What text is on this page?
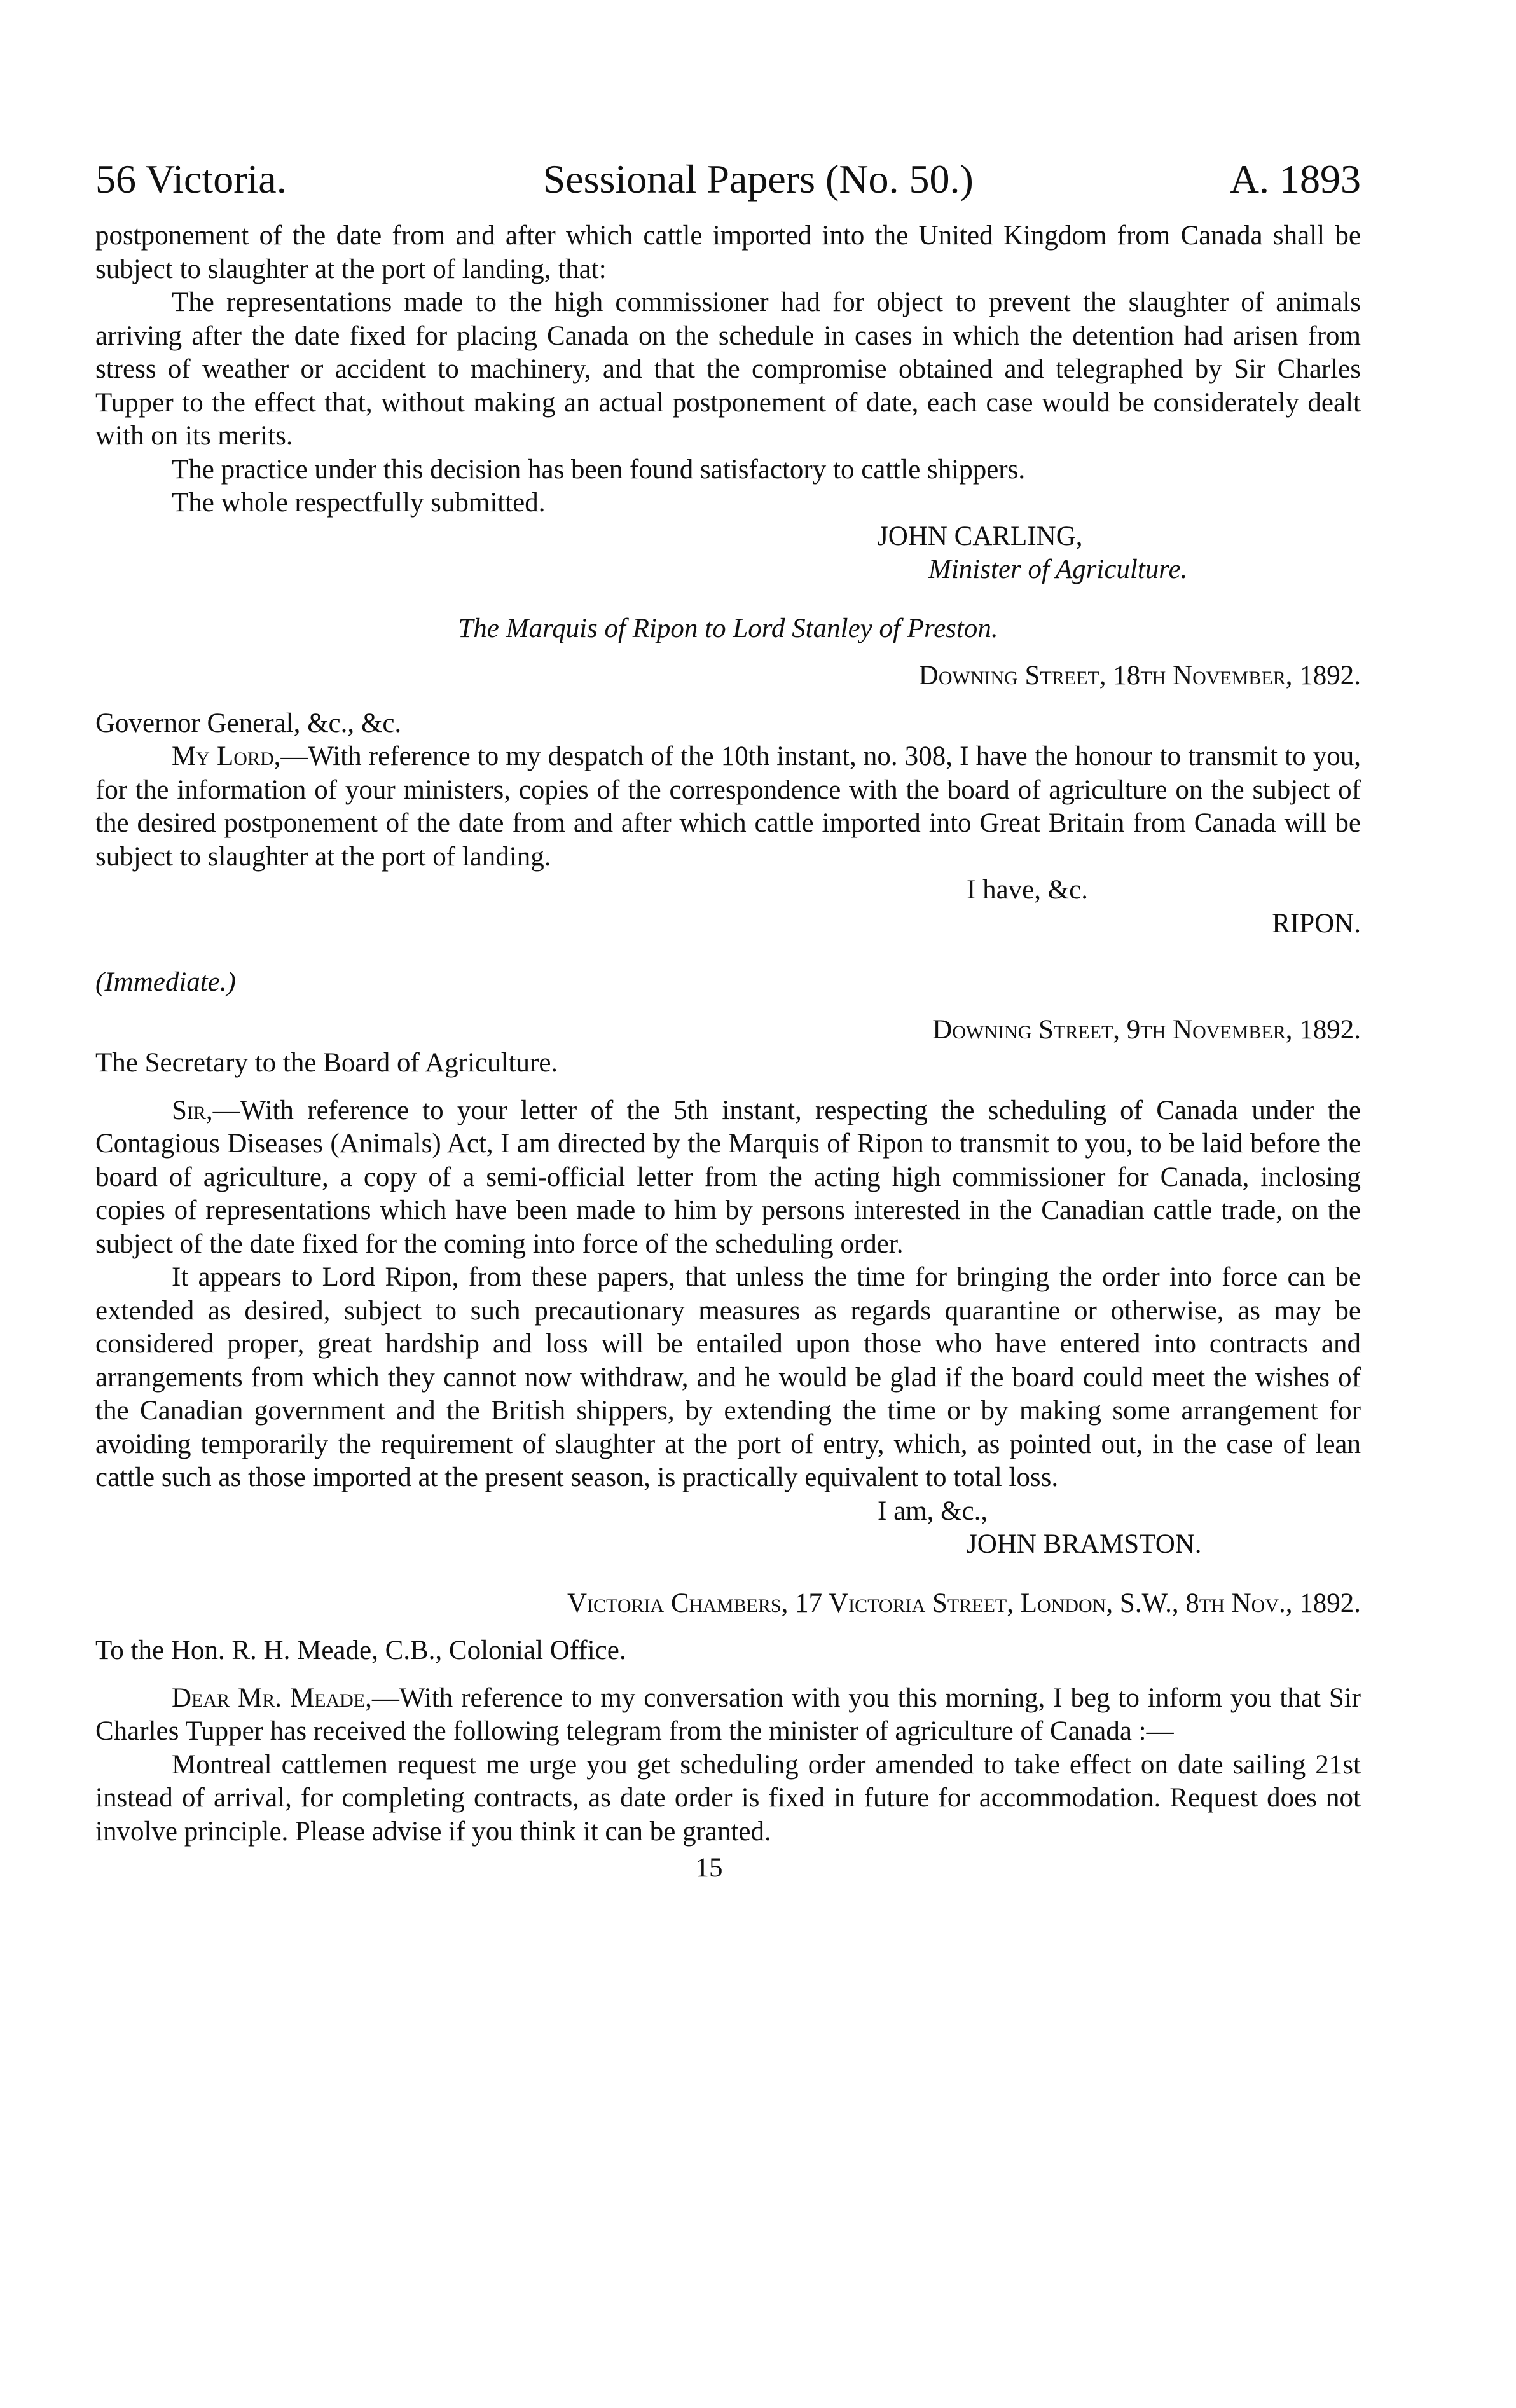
56 Victoria.	Sessional Papers (No. 50.)	A. 1893

postponement of the date from and after which cattle imported into the United Kingdom from Canada shall be subject to slaughter at the port of landing, that:

The representations made to the high commissioner had for object to prevent the slaughter of animals arriving after the date fixed for placing Canada on the schedule in cases in which the detention had arisen from stress of weather or accident to machinery, and that the compromise obtained and telegraphed by Sir Charles Tupper to the effect that, without making an actual postponement of date, each case would be considerately dealt with on its merits.

The practice under this decision has been found satisfactory to cattle shippers.

The whole respectfully submitted.

JOHN CARLING,

Minister of Agriculture.

The Marquis of Ripon to Lord Stanley of Preston.

Downing Street, 18th November, 1892.

Governor General, &c., &c.

My Lord,—With reference to my despatch of the 10th instant, no. 308, I have the honour to transmit to you, for the information of your ministers, copies of the correspondence with the board of agriculture on the subject of the desired postponement of the date from and after which cattle imported into Great Britain from Canada will be subject to slaughter at the port of landing.

I have, &c.

RIPON.

(Immediate.)

Downing Street, 9th November, 1892.

The Secretary to the Board of Agriculture.

Sir,—With reference to your letter of the 5th instant, respecting the scheduling of Canada under the Contagious Diseases (Animals) Act, I am directed by the Marquis of Ripon to transmit to you, to be laid before the board of agriculture, a copy of a semi-official letter from the acting high commissioner for Canada, inclosing copies of representations which have been made to him by persons interested in the Canadian cattle trade, on the subject of the date fixed for the coming into force of the scheduling order.

It appears to Lord Ripon, from these papers, that unless the time for bringing the order into force can be extended as desired, subject to such precautionary measures as regards quarantine or otherwise, as may be considered proper, great hardship and loss will be entailed upon those who have entered into contracts and arrangements from which they cannot now withdraw, and he would be glad if the board could meet the wishes of the Canadian government and the British shippers, by extending the time or by making some arrangement for avoiding temporarily the requirement of slaughter at the port of entry, which, as pointed out, in the case of lean cattle such as those imported at the present season, is practically equivalent to total loss.

I am, &c.,

JOHN BRAMSTON.

Victoria Chambers, 17 Victoria Street, London, S.W., 8th Nov., 1892.

To the Hon. R. H. Meade, C.B., Colonial Office.

Dear Mr. Meade,—With reference to my conversation with you this morning, I beg to inform you that Sir Charles Tupper has received the following telegram from the minister of agriculture of Canada :—

Montreal cattlemen request me urge you get scheduling order amended to take effect on date sailing 21st instead of arrival, for completing contracts, as date order is fixed in future for accommodation. Request does not involve principle. Please advise if you think it can be granted.

15
